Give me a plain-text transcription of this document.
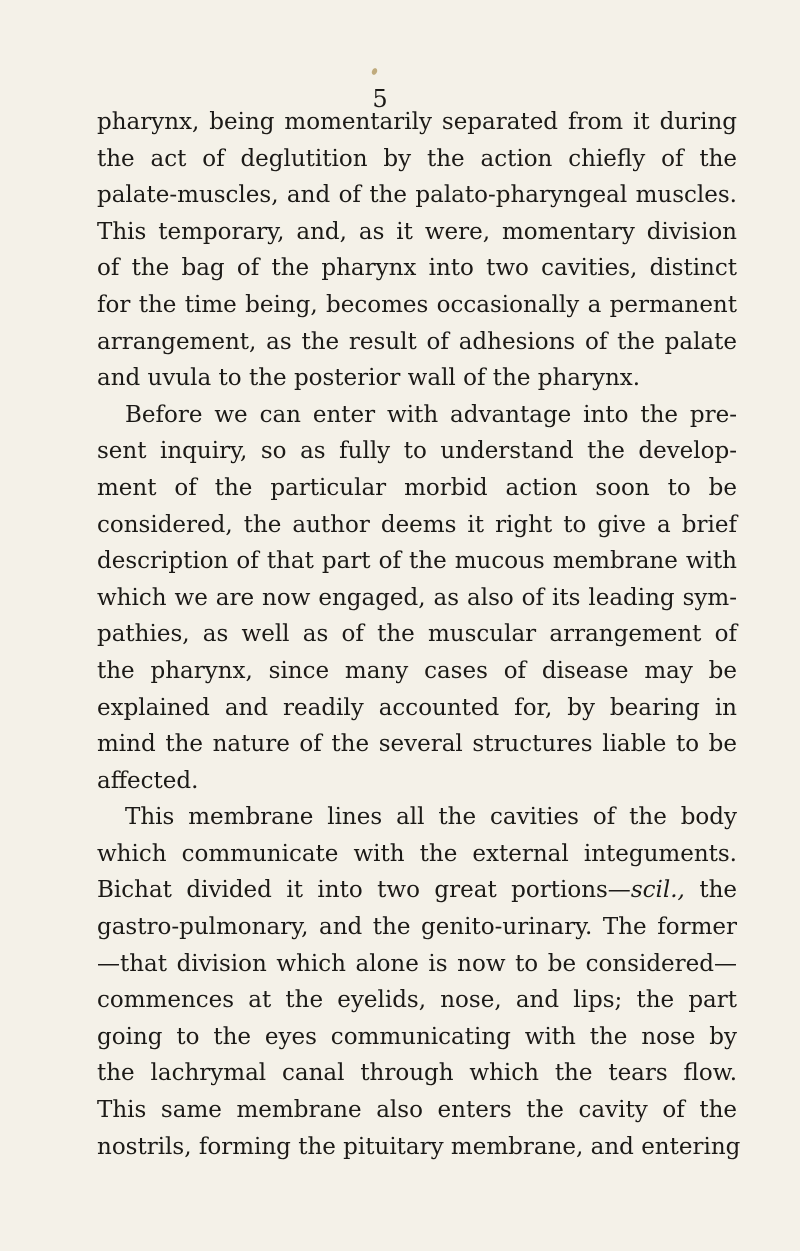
5
pharynx, being momentarily separated from it during
the act of deglutition by the action chiefly of the
palate-muscles, and of the palato-pharyngeal muscles.
This temporary, and, as it were, momentary division
of the bag of the pharynx into two cavities, distinct
for the time being, becomes occasionally a permanent
arrangement, as the result of adhesions of the palate
and uvula to the posterior wall of the pharynx.
Before we can enter with advantage into the pre-
sent inquiry, so as fully to understand the develop-
ment of the particular morbid action soon to be
considered, the author deems it right to give a brief
description of that part of the mucous membrane with
which we are now engaged, as also of its leading sym-
pathies, as well as of the muscular arrangement of
the pharynx, since many cases of disease may be
explained and readily accounted for, by bearing in
mind the nature of the several structures liable to be
affected.
This membrane lines all the cavities of the body
which communicate with the external integuments.
Bichat divided it into two great portions—scil., the
gastro-pulmonary, and the genito-urinary. The former
—that division which alone is now to be considered—
commences at the eyelids, nose, and lips; the part
going to the eyes communicating with the nose by
the lachrymal canal through which the tears flow.
This same membrane also enters the cavity of the
nostrils, forming the pituitary membrane, and entering
